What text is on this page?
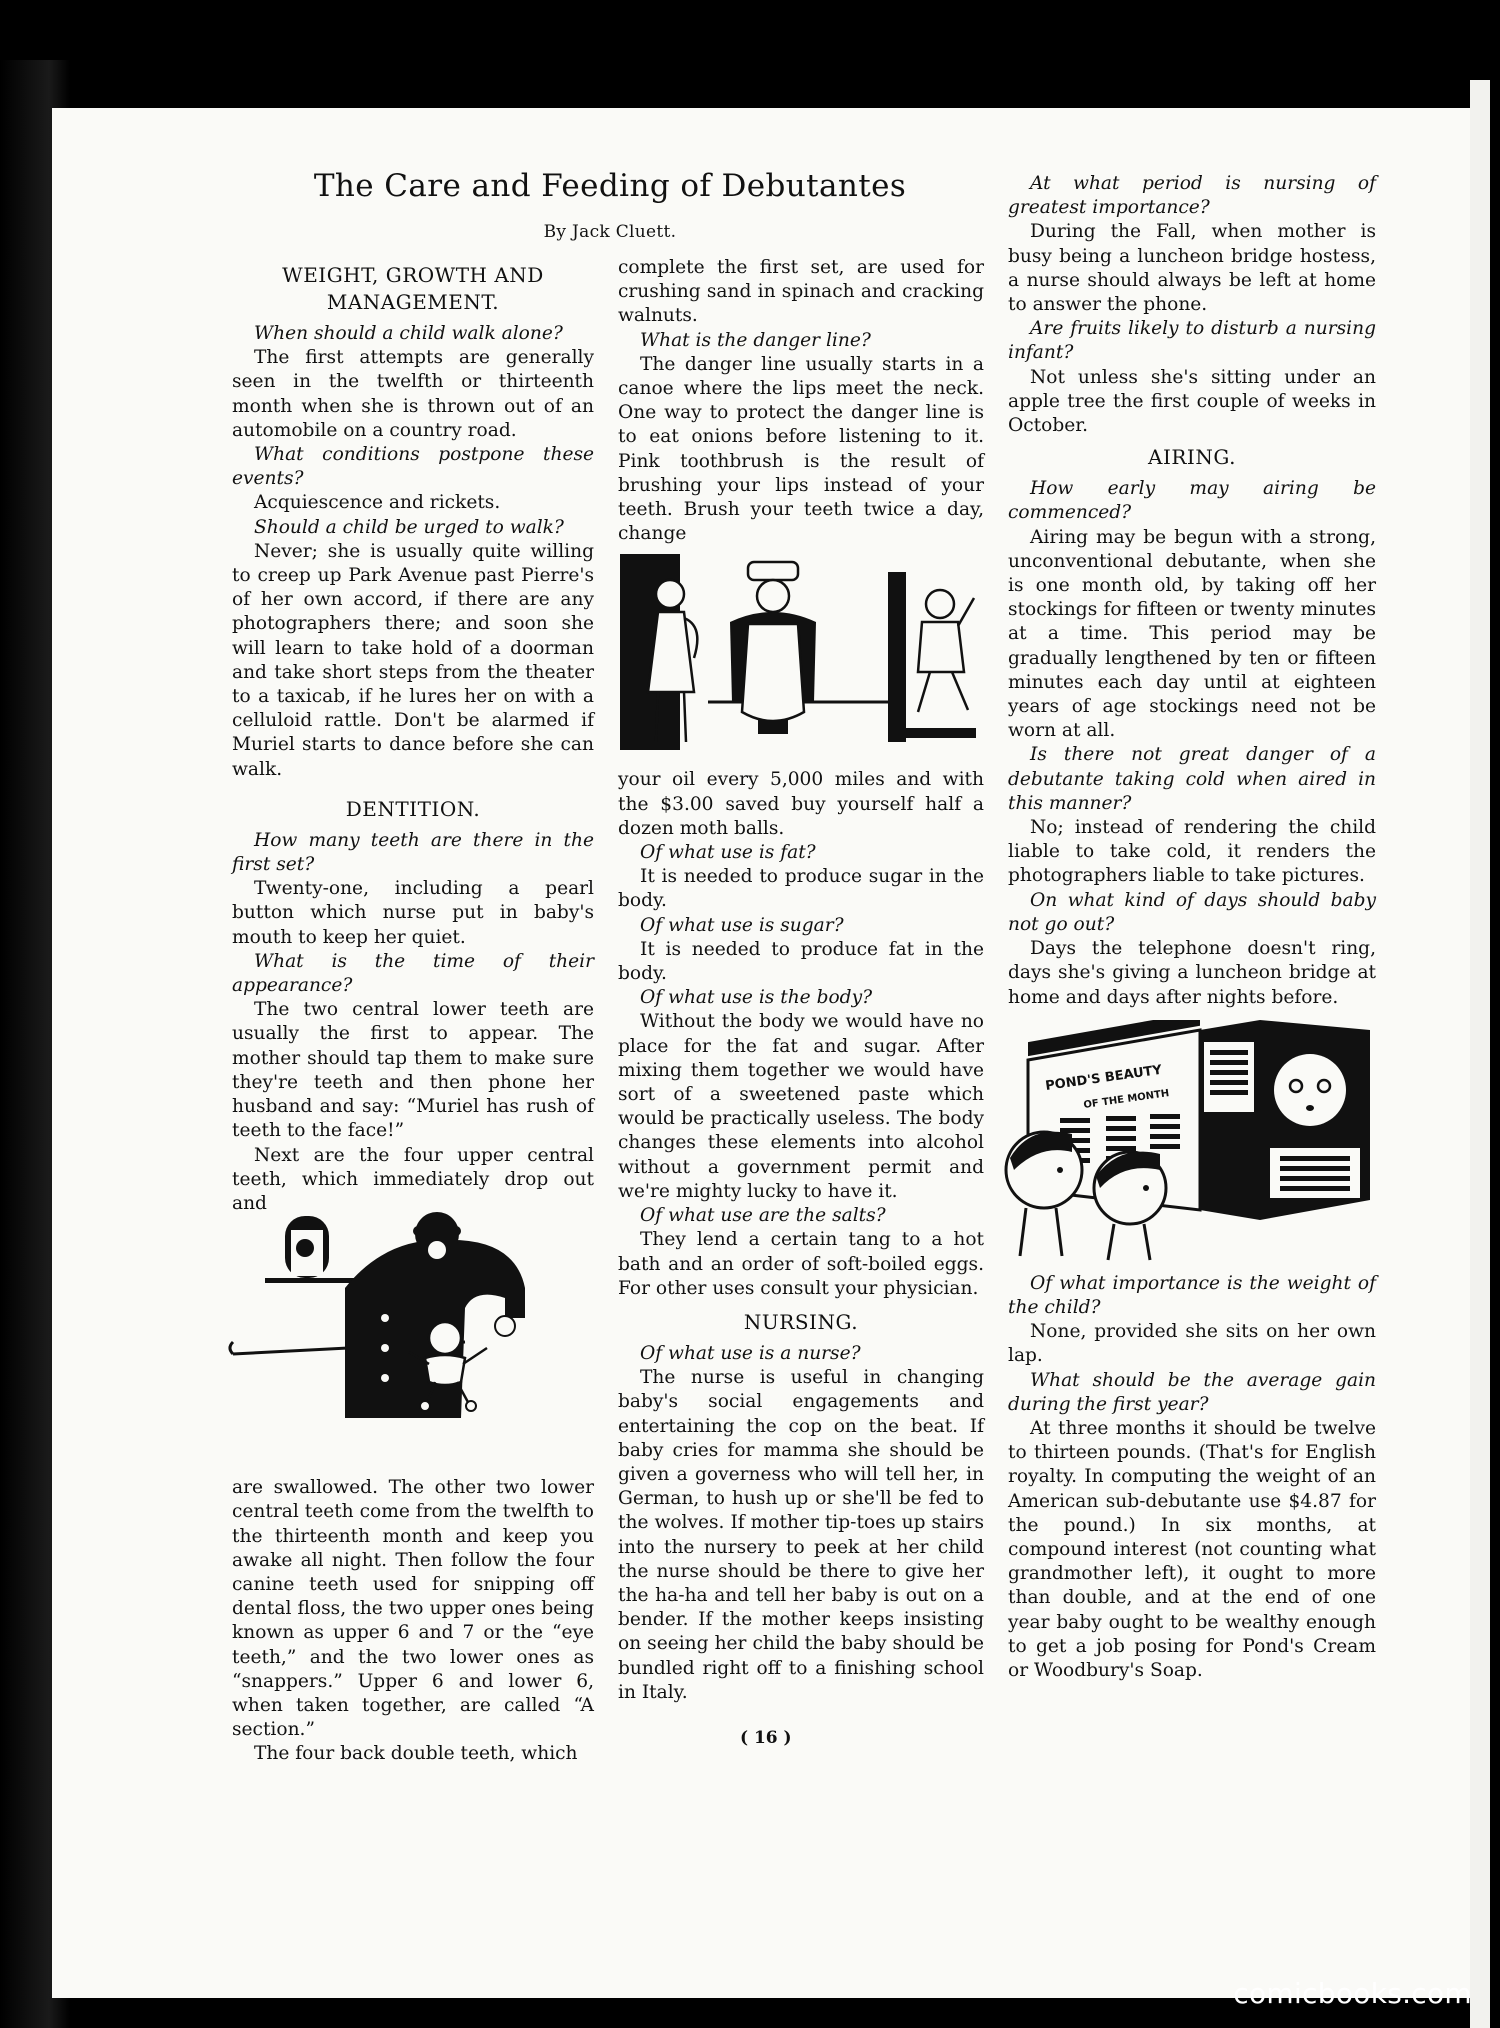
The Care and Feeding of Debutantes
By Jack Cluett.
WEIGHT, GROWTH AND MANAGEMENT.

When should a child walk alone?

The first attempts are generally seen in the twelfth or thirteenth month when she is thrown out of an automobile on a country road.

What conditions postpone these events?

Acquiescence and rickets.

Should a child be urged to walk?

Never; she is usually quite willing to creep up Park Avenue past Pierre's of her own accord, if there are any photographers there; and soon she will learn to take hold of a doorman and take short steps from the theater to a taxicab, if he lures her on with a celluloid rattle. Don't be alarmed if Muriel starts to dance before she can walk.

DENTITION.

How many teeth are there in the first set?

Twenty-one, including a pearl button which nurse put in baby's mouth to keep her quiet.

What is the time of their appearance?

The two central lower teeth are usually the first to appear. The mother should tap them to make sure they're teeth and then phone her husband and say: “Muriel has rush of teeth to the face!”

Next are the four upper central teeth, which immediately drop out and

are swallowed. The other two lower central teeth come from the twelfth to the thirteenth month and keep you awake all night. Then follow the four canine teeth used for snipping off dental floss, the two upper ones being known as upper 6 and 7 or the “eye teeth,” and the two lower ones as “snappers.” Upper 6 and lower 6, when taken together, are called “A section.”

The four back double teeth, which

complete the first set, are used for crushing sand in spinach and cracking walnuts.

What is the danger line?

The danger line usually starts in a canoe where the lips meet the neck. One way to protect the danger line is to eat onions before listening to it. Pink toothbrush is the result of brushing your lips instead of your teeth. Brush your teeth twice a day, change

your oil every 5,000 miles and with the $3.00 saved buy yourself half a dozen moth balls.

Of what use is fat?

It is needed to produce sugar in the body.

Of what use is sugar?

It is needed to produce fat in the body.

Of what use is the body?

Without the body we would have no place for the fat and sugar. After mixing them together we would have sort of a sweetened paste which would be practically useless. The body changes these elements into alcohol without a government permit and we're mighty lucky to have it.

Of what use are the salts?

They lend a certain tang to a hot bath and an order of soft-boiled eggs. For other uses consult your physician.

NURSING.

Of what use is a nurse?

The nurse is useful in changing baby's social engagements and entertaining the cop on the beat. If baby cries for mamma she should be given a governess who will tell her, in German, to hush up or she'll be fed to the wolves. If mother tip-toes up stairs into the nursery to peek at her child the nurse should be there to give her the ha-ha and tell her baby is out on a bender. If the mother keeps insisting on seeing her child the baby should be bundled right off to a finishing school in Italy.

At what period is nursing of greatest importance?

During the Fall, when mother is busy being a luncheon bridge hostess, a nurse should always be left at home to answer the phone.

Are fruits likely to disturb a nursing infant?

Not unless she's sitting under an apple tree the first couple of weeks in October.

AIRING.

How early may airing be commenced?

Airing may be begun with a strong, unconventional debutante, when she is one month old, by taking off her stockings for fifteen or twenty minutes at a time. This period may be gradually lengthened by ten or fifteen minutes each day until at eighteen years of age stockings need not be worn at all.

Is there not great danger of a debutante taking cold when aired in this manner?

No; instead of rendering the child liable to take cold, it renders the photographers liable to take pictures.

On what kind of days should baby not go out?

Days the telephone doesn't ring, days she's giving a luncheon bridge at home and days after nights before.

Of what importance is the weight of the child?

None, provided she sits on her own lap.

What should be the average gain during the first year?

At three months it should be twelve to thirteen pounds. (That's for English royalty. In computing the weight of an American sub-debutante use $4.87 for the pound.) In six months, at compound interest (not counting what grandmother left), it ought to more than double, and at the end of one year baby ought to be wealthy enough to get a job posing for Pond's Cream or Woodbury's Soap.

POND'S BEAUTY
OF THE MONTH
( 16 )
comicbooks.com
